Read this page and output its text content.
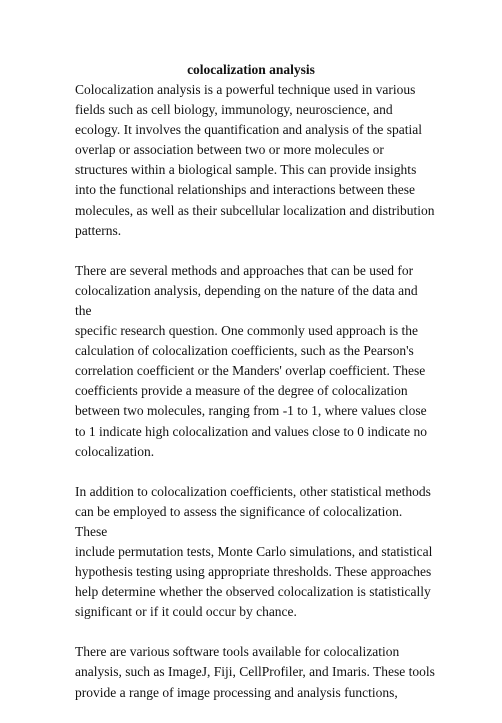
colocalization analysis

Colocalization analysis is a powerful technique used in various
fields such as cell biology, immunology, neuroscience, and
ecology. It involves the quantification and analysis of the spatial
overlap or association between two or more molecules or
structures within a biological sample. This can provide insights
into the functional relationships and interactions between these
molecules, as well as their subcellular localization and distribution
patterns.

There are several methods and approaches that can be used for
colocalization analysis, depending on the nature of the data and the
specific research question. One commonly used approach is the
calculation of colocalization coefficients, such as the Pearson's
correlation coefficient or the Manders' overlap coefficient. These
coefficients provide a measure of the degree of colocalization
between two molecules, ranging from -1 to 1, where values close
to 1 indicate high colocalization and values close to 0 indicate no
colocalization.

In addition to colocalization coefficients, other statistical methods
can be employed to assess the significance of colocalization. These
include permutation tests, Monte Carlo simulations, and statistical
hypothesis testing using appropriate thresholds. These approaches
help determine whether the observed colocalization is statistically
significant or if it could occur by chance.

There are various software tools available for colocalization
analysis, such as ImageJ, Fiji, CellProfiler, and Imaris. These tools
provide a range of image processing and analysis functions,
